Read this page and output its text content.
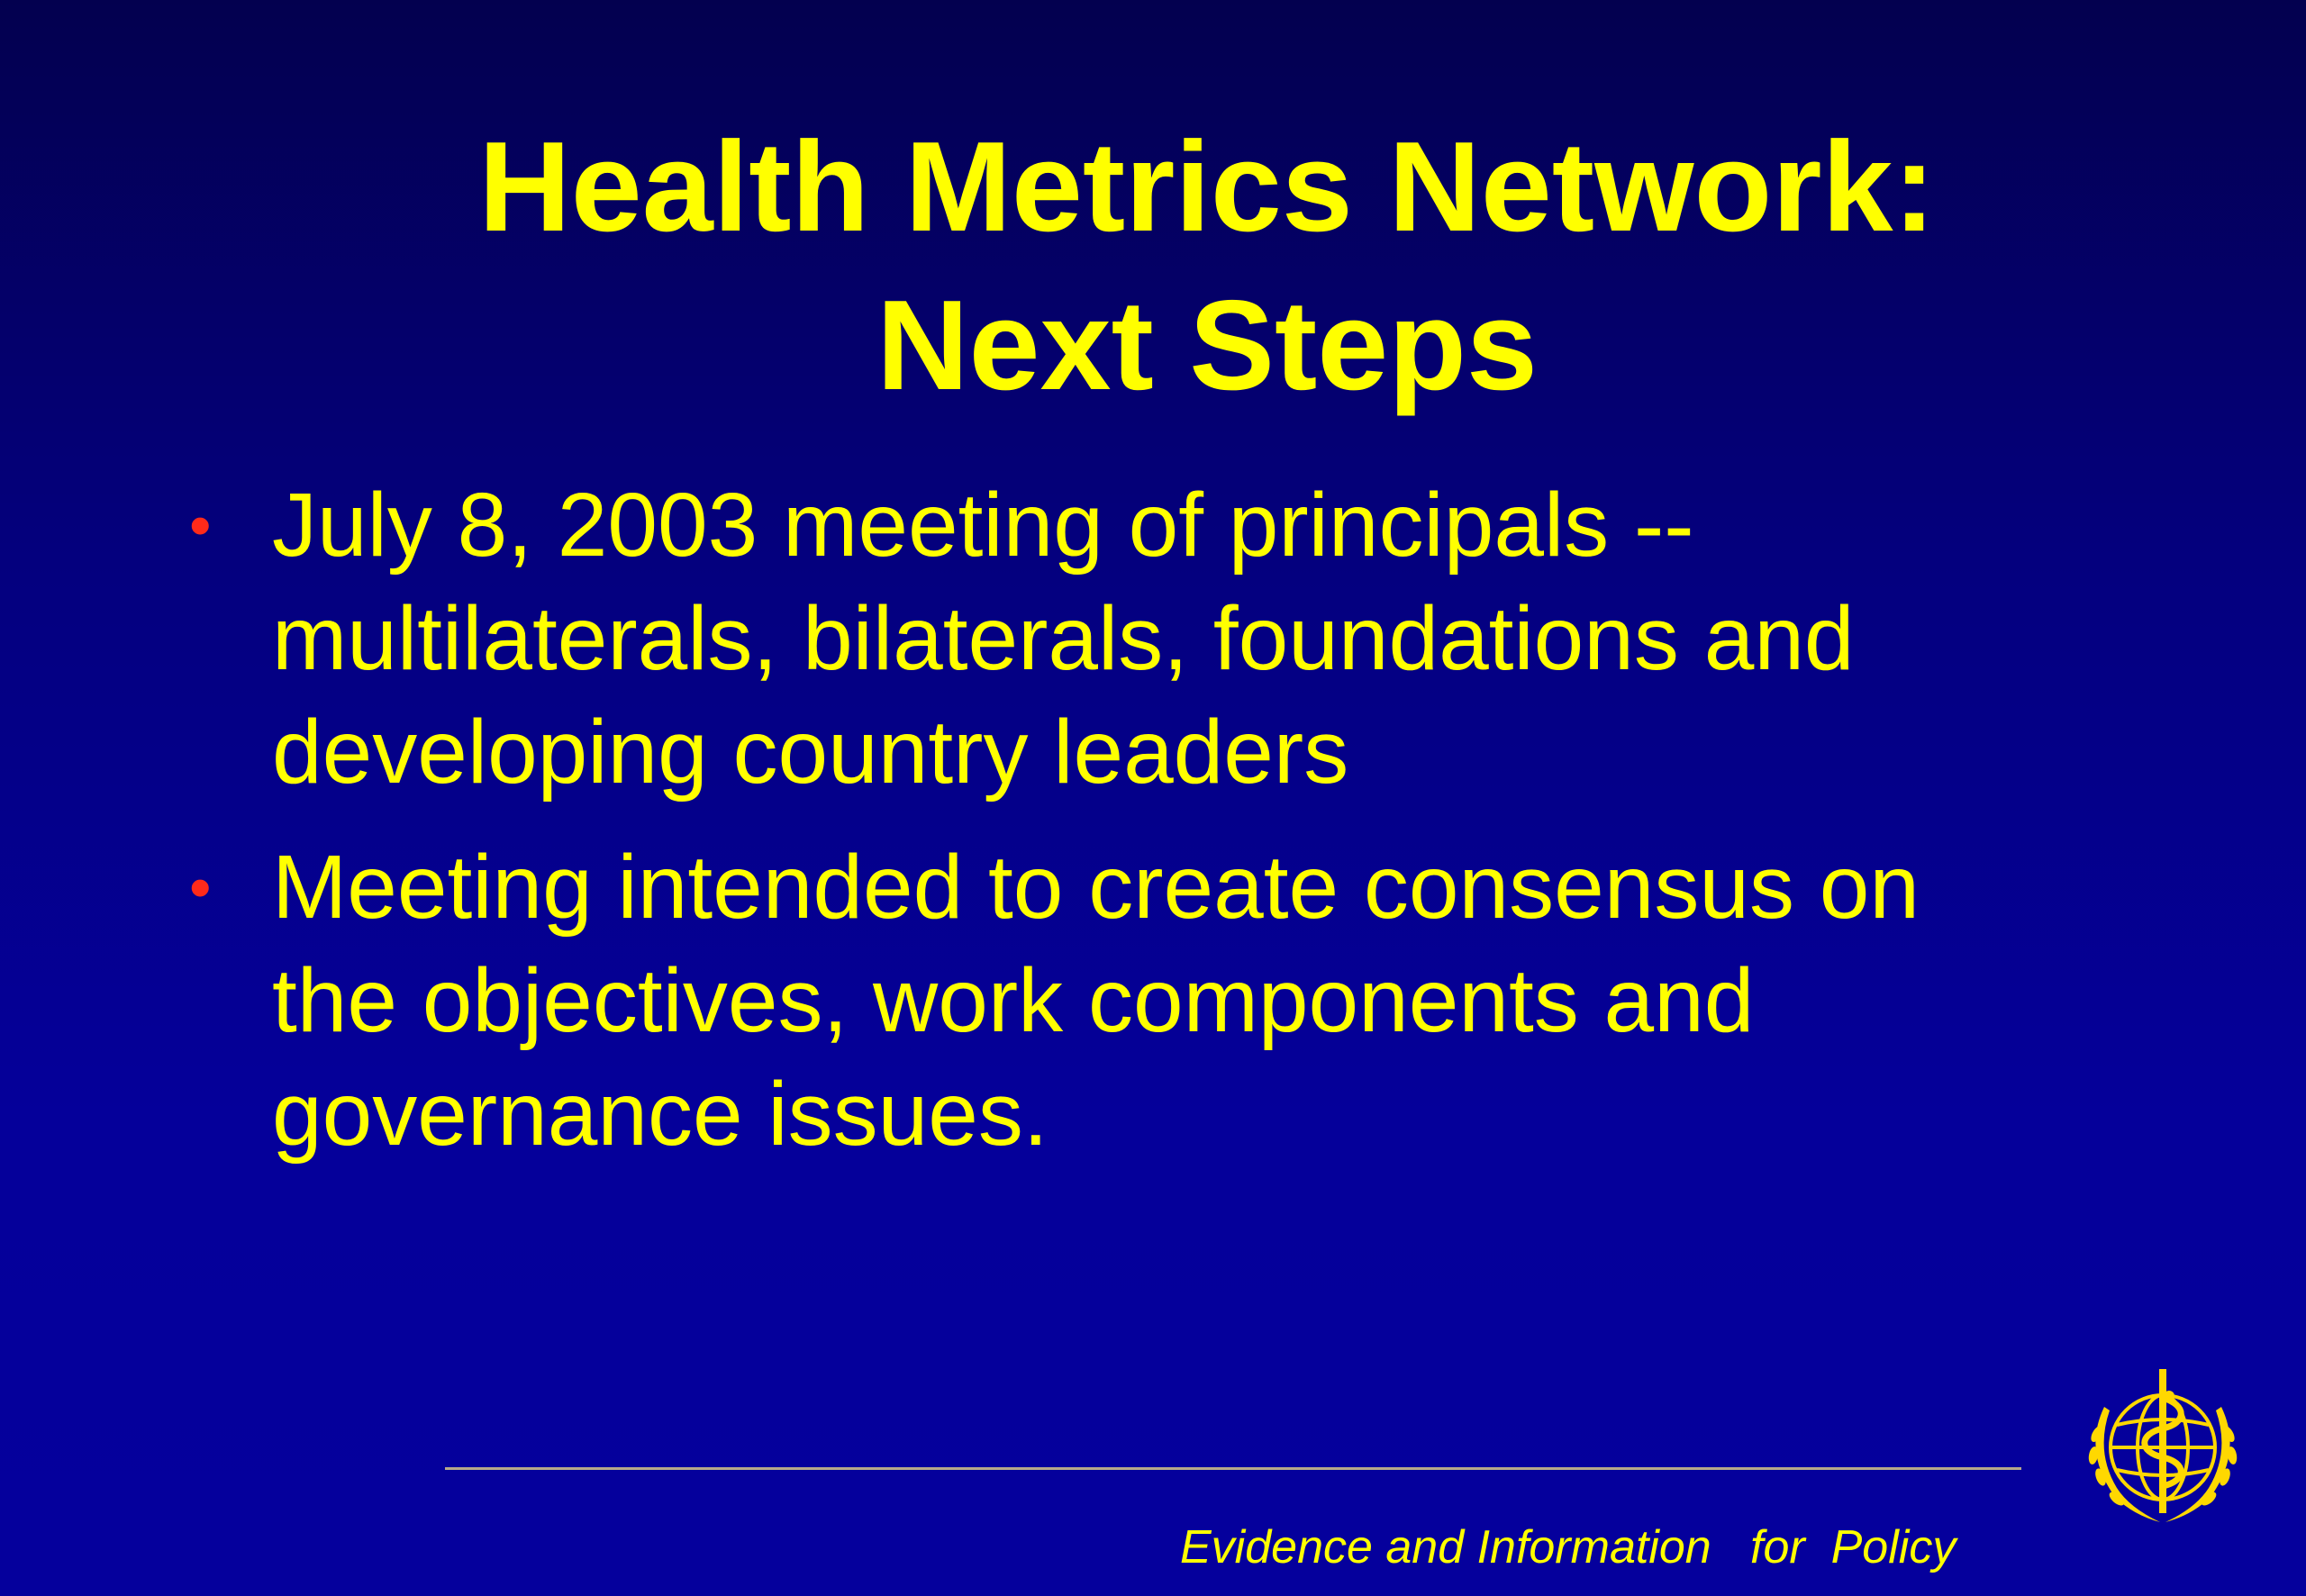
Health Metrics Network:
Next Steps
• July 8, 2003 meeting of principals --
multilaterals, bilaterals, foundations and
developing country leaders
• Meeting intended to create consensus on
the objectives, work components and
governance issues.
Evidence and Information   for  Policy
